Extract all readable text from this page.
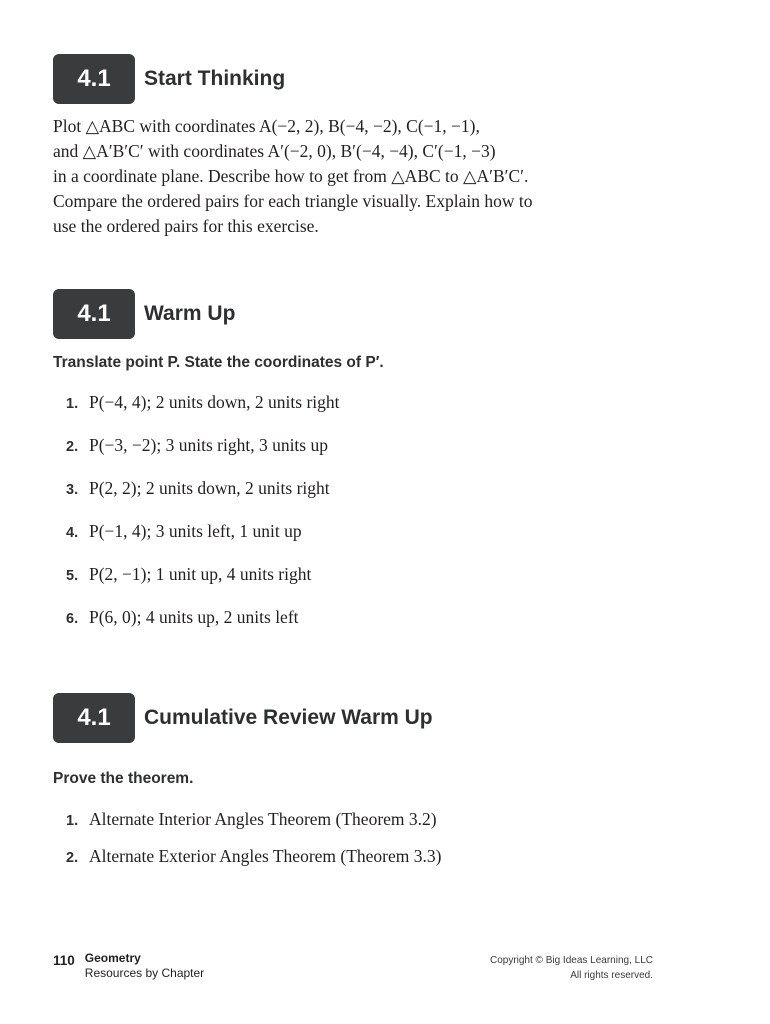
4.1	Start Thinking
Plot △ABC with coordinates A(−2, 2), B(−4, −2), C(−1, −1),
and △A′B′C′ with coordinates A′(−2, 0), B′(−4, −4), C′(−1, −3)
in a coordinate plane. Describe how to get from △ABC to △A′B′C′.
Compare the ordered pairs for each triangle visually. Explain how to
use the ordered pairs for this exercise.
4.1	Warm Up
Translate point P. State the coordinates of P′.
1. P(−4, 4); 2 units down, 2 units right
2. P(−3, −2); 3 units right, 3 units up
3. P(2, 2); 2 units down, 2 units right
4. P(−1, 4); 3 units left, 1 unit up
5. P(2, −1); 1 unit up, 4 units right
6. P(6, 0); 4 units up, 2 units left
4.1	Cumulative Review Warm Up
Prove the theorem.
1. Alternate Interior Angles Theorem (Theorem 3.2)
2. Alternate Exterior Angles Theorem (Theorem 3.3)
110 Geometry
Resources by Chapter
Copyright © Big Ideas Learning, LLC
All rights reserved.
